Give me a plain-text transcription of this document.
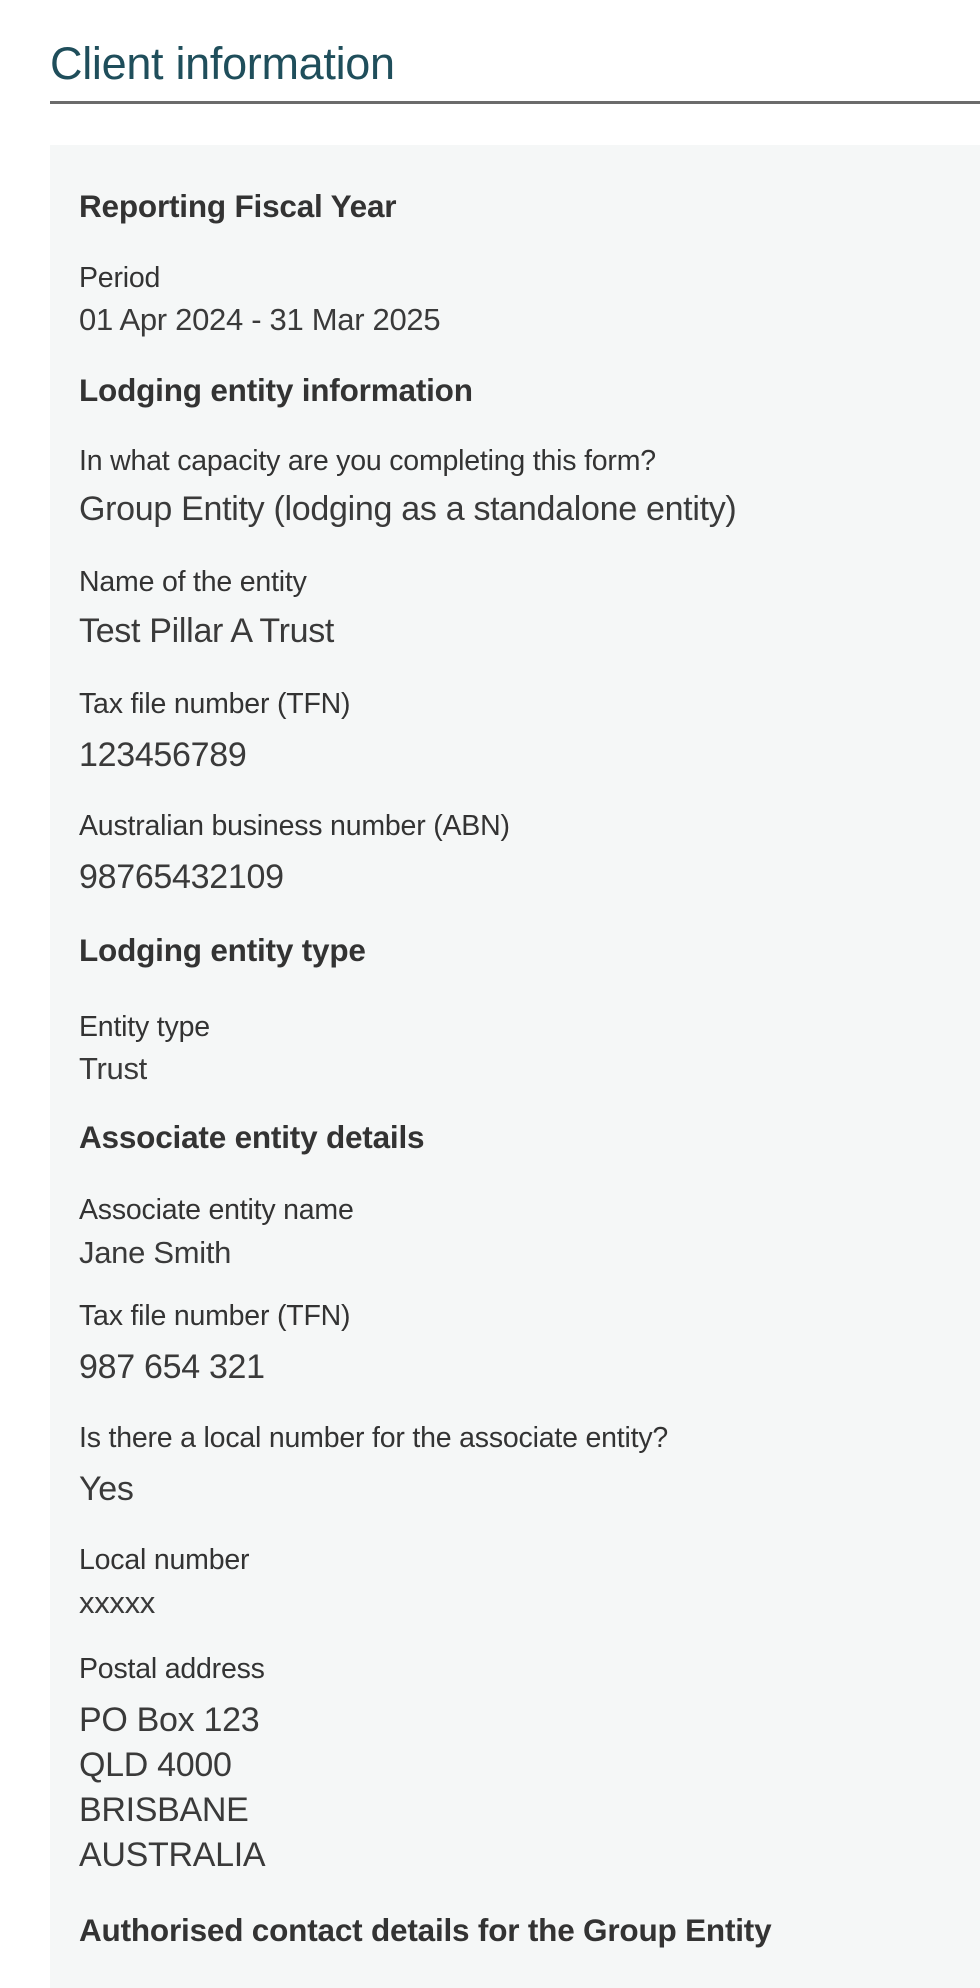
Client information
Reporting Fiscal Year
Period
01 Apr 2024 - 31 Mar 2025
Lodging entity information
In what capacity are you completing this form?
Group Entity (lodging as a standalone entity)
Name of the entity
Test Pillar A Trust
Tax file number (TFN)
123456789
Australian business number (ABN)
98765432109
Lodging entity type
Entity type
Trust
Associate entity details
Associate entity name
Jane Smith
Tax file number (TFN)
987 654 321
Is there a local number for the associate entity?
Yes
Local number
xxxxx
Postal address
PO Box 123
QLD 4000
BRISBANE
AUSTRALIA
Authorised contact details for the Group Entity
